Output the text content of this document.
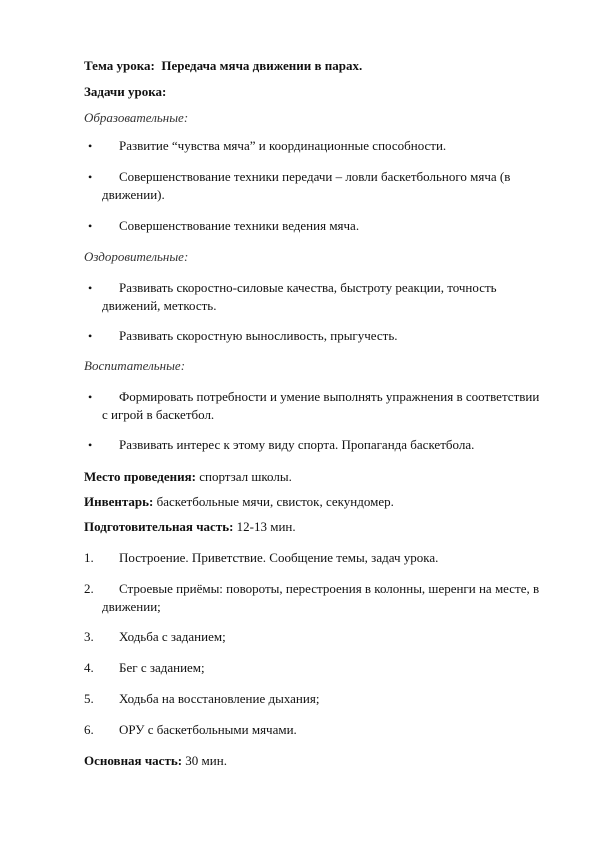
Тема урока: Передача мяча движении в парах.
Задачи урока:
Образовательные:
•	Развитие “чувства мяча” и координационные способности.
•	Совершенствование техники передачи – ловли баскетбольного мяча (в движении).
•	Совершенствование техники ведения мяча.
Оздоровительные:
•	Развивать скоростно-силовые качества, быстроту реакции, точность движений, меткость.
•	Развивать скоростную выносливость, прыгучесть.
Воспитательные:
•	Формировать потребности и умение выполнять упражнения в соответствии с игрой в баскетбол.
•	Развивать интерес к этому виду спорта. Пропаганда баскетбола.
Место проведения: спортзал школы.
Инвентарь: баскетбольные мячи, свисток, секундомер.
Подготовительная часть: 12-13 мин.
1.	Построение. Приветствие. Сообщение темы, задач урока.
2.	Строевые приёмы: повороты, перестроения в колонны, шеренги на месте, в движении;
3.	Ходьба с заданием;
4.	Бег с заданием;
5.	Ходьба на восстановление дыхания;
6.	ОРУ с баскетбольными мячами.
Основная часть: 30 мин.
